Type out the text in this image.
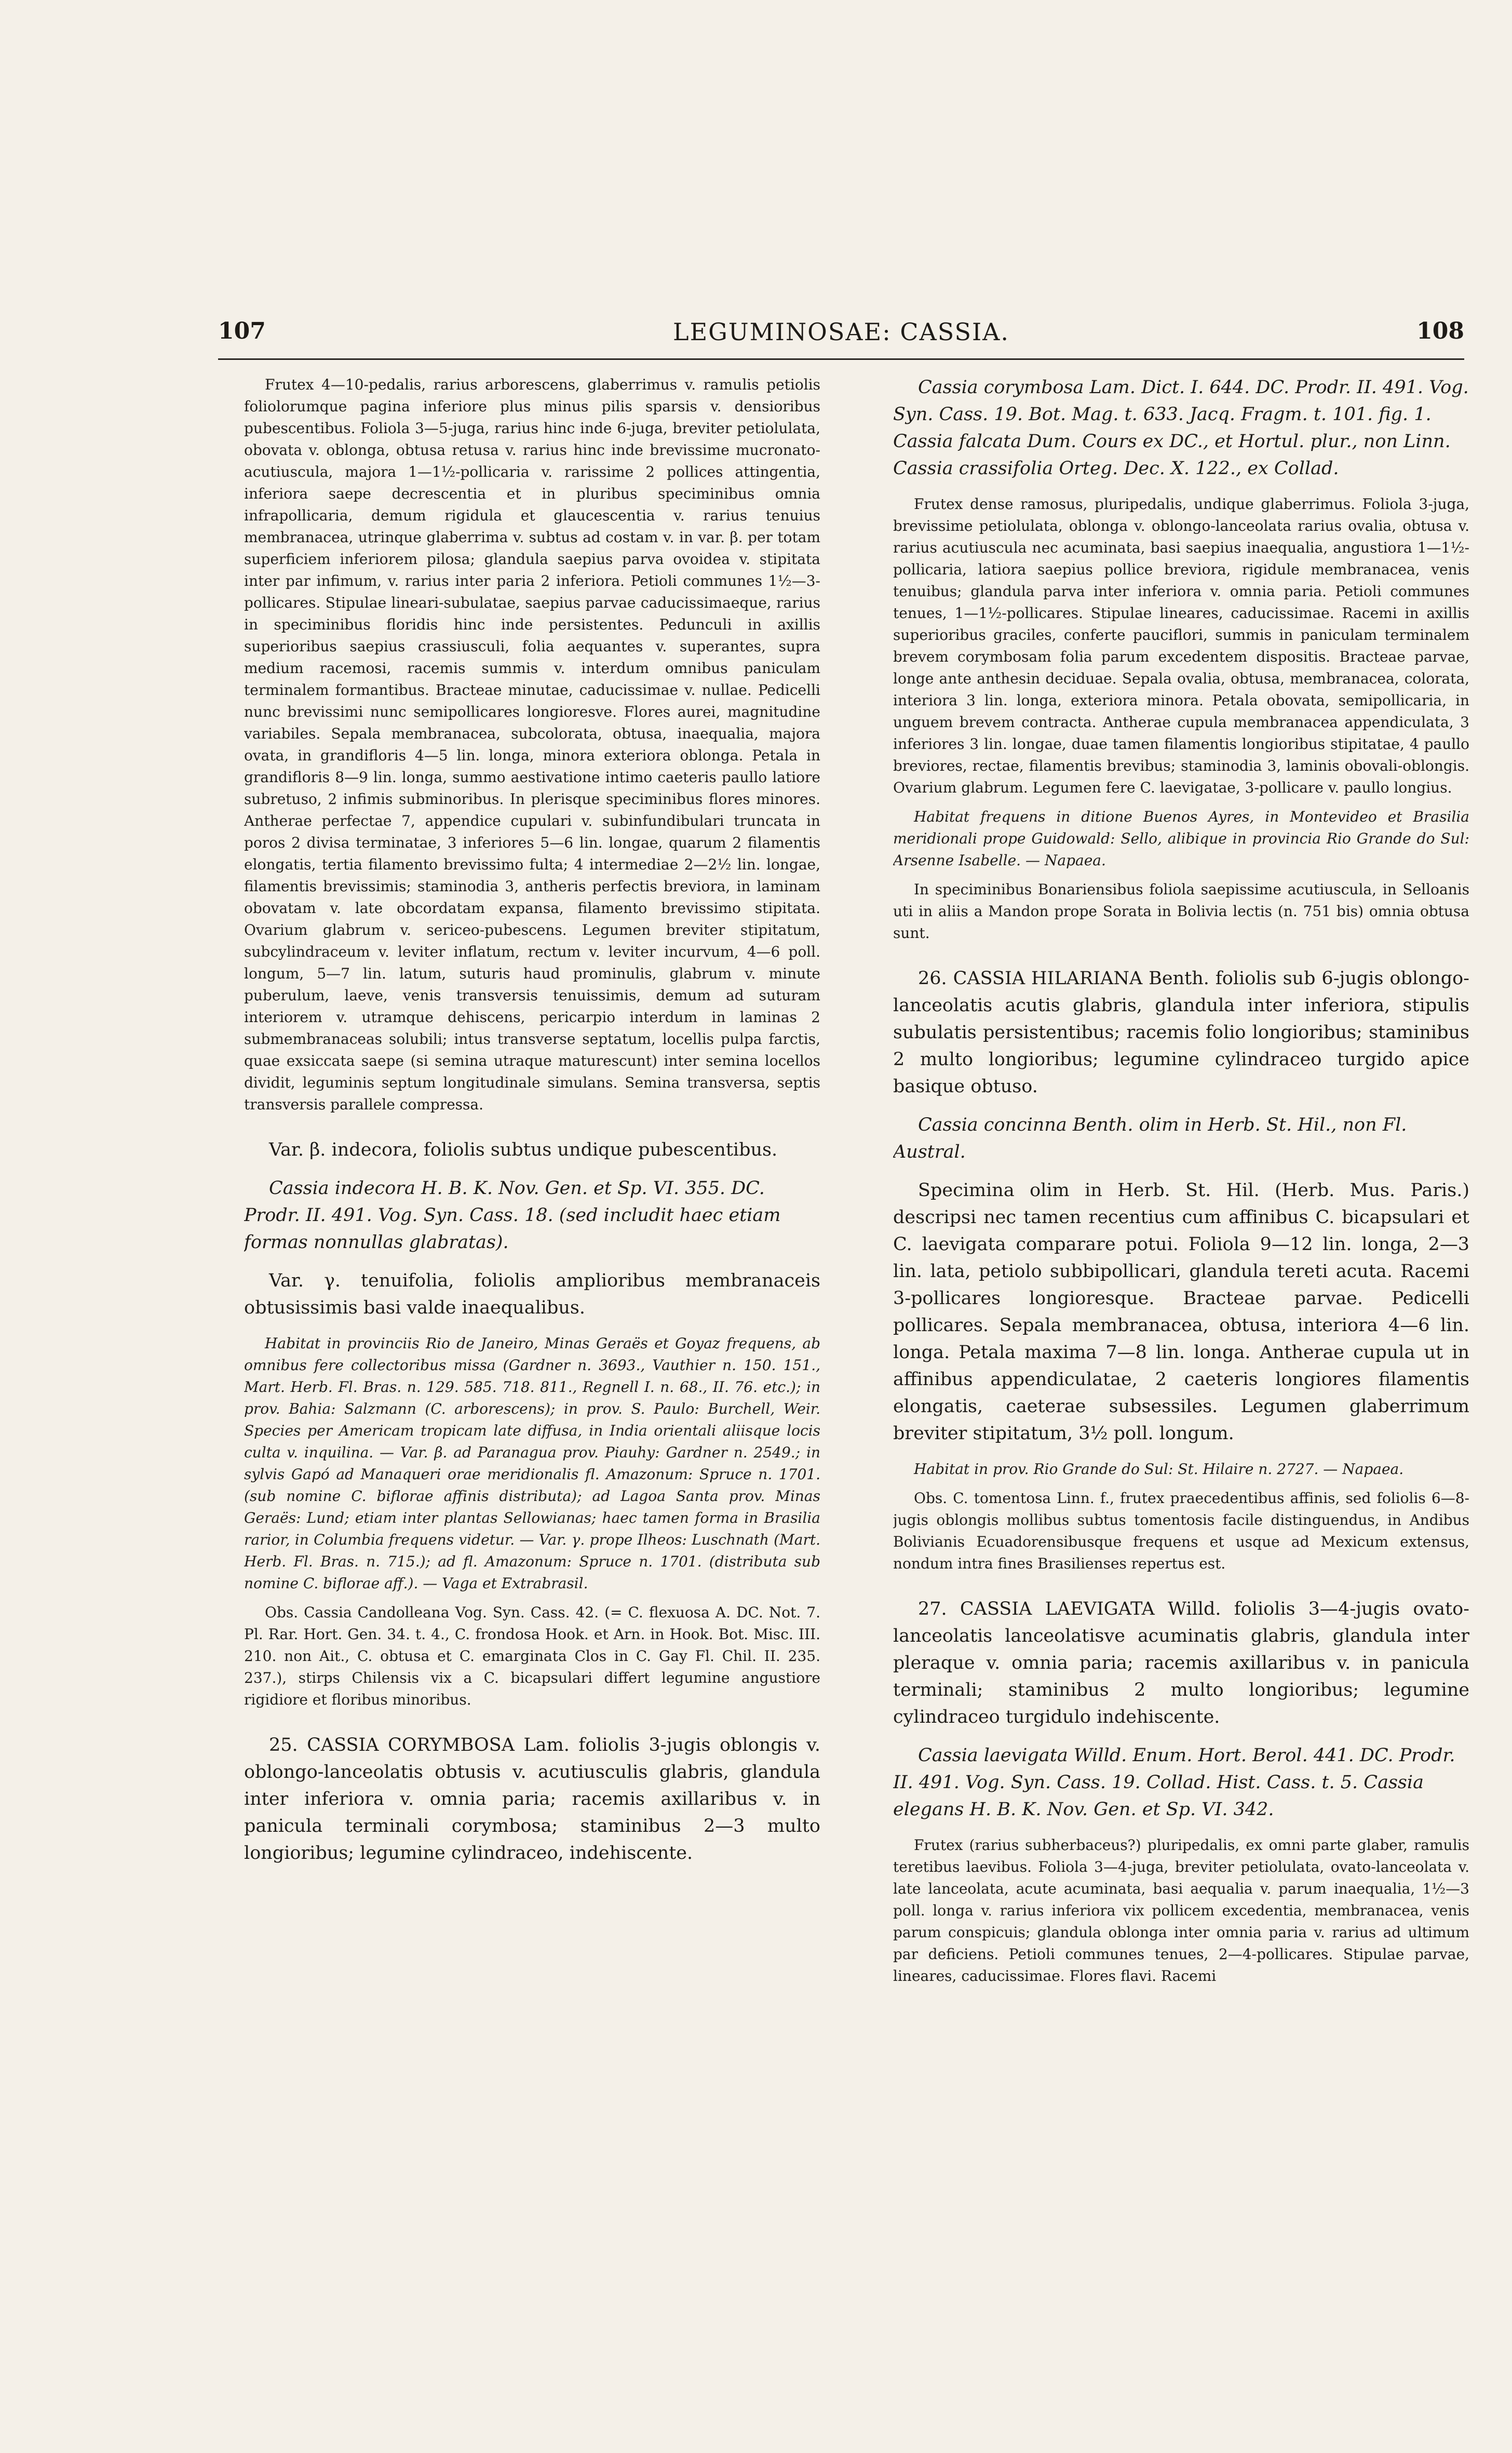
107	LEGUMINOSAE: CASSIA.	108

Frutex 4—10-pedalis, rarius arborescens, glaberrimus v. ramulis petiolis foliolorumque pagina inferiore plus minus pilis sparsis v. densioribus pubescentibus. Foliola 3—5-juga, rarius hinc inde 6-juga, breviter petiolulata, obovata v. oblonga, obtusa retusa v. rarius hinc inde brevissime mucronato-acutiuscula, majora 1—1½-pollicaria v. rarissime 2 pollices attingentia, inferiora saepe decrescentia et in pluribus speciminibus omnia infrapollicaria, demum rigidula et glaucescentia v. rarius tenuius membranacea, utrinque glaberrima v. subtus ad costam v. in var. β. per totam superficiem inferiorem pilosa; glandula saepius parva ovoidea v. stipitata inter par infimum, v. rarius inter paria 2 inferiora. Petioli communes 1½—3-pollicares. Stipulae lineari-subulatae, saepius parvae caducissimaeque, rarius in speciminibus floridis hinc inde persistentes. Pedunculi in axillis superioribus saepius crassiusculi, folia aequantes v. superantes, supra medium racemosi, racemis summis v. interdum omnibus paniculam terminalem formantibus. Bracteae minutae, caducissimae v. nullae. Pedicelli nunc brevissimi nunc semipollicares longioresve. Flores aurei, magnitudine variabiles. Sepala membranacea, subcolorata, obtusa, inaequalia, majora ovata, in grandifloris 4—5 lin. longa, minora exteriora oblonga. Petala in grandifloris 8—9 lin. longa, summo aestivatione intimo caeteris paullo latiore subretuso, 2 infimis subminoribus. In plerisque speciminibus flores minores. Antherae perfectae 7, appendice cupulari v. subinfundibulari truncata in poros 2 divisa terminatae, 3 inferiores 5—6 lin. longae, quarum 2 filamentis elongatis, tertia filamento brevissimo fulta; 4 intermediae 2—2½ lin. longae, filamentis brevissimis; staminodia 3, antheris perfectis breviora, in laminam obovatam v. late obcordatam expansa, filamento brevissimo stipitata. Ovarium glabrum v. sericeo-pubescens. Legumen breviter stipitatum, subcylindraceum v. leviter inflatum, rectum v. leviter incurvum, 4—6 poll. longum, 5—7 lin. latum, suturis haud prominulis, glabrum v. minute puberulum, laeve, venis transversis tenuissimis, demum ad suturam interiorem v. utramque dehiscens, pericarpio interdum in laminas 2 submembranaceas solubili; intus transverse septatum, locellis pulpa farctis, quae exsiccata saepe (si semina utraque maturescunt) inter semina locellos dividit, leguminis septum longitudinale simulans. Semina transversa, septis transversis parallele compressa.

Var. β. indecora, foliolis subtus undique pubescentibus.

Cassia indecora H. B. K. Nov. Gen. et Sp. VI. 355. DC. Prodr. II. 491. Vog. Syn. Cass. 18. (sed includit haec etiam formas nonnullas glabratas).

Var. γ. tenuifolia, foliolis amplioribus membranaceis obtusissimis basi valde inaequalibus.

Habitat in provinciis Rio de Janeiro, Minas Geraës et Goyaz frequens, ab omnibus fere collectoribus missa (Gardner n. 3693., Vauthier n. 150. 151., Mart. Herb. Fl. Bras. n. 129. 585. 718. 811., Regnell I. n. 68., II. 76. etc.); in prov. Bahia: Salzmann (C. arborescens); in prov. S. Paulo: Burchell, Weir. Species per Americam tropicam late diffusa, in India orientali aliisque locis culta v. inquilina. — Var. β. ad Paranagua prov. Piauhy: Gardner n. 2549.; in sylvis Gapó ad Manaqueri orae meridionalis fl. Amazonum: Spruce n. 1701. (sub nomine C. biflorae affinis distributa); ad Lagoa Santa prov. Minas Geraës: Lund; etiam inter plantas Sellowianas; haec tamen forma in Brasilia rarior, in Columbia frequens videtur. — Var. γ. prope Ilheos: Luschnath (Mart. Herb. Fl. Bras. n. 715.); ad fl. Amazonum: Spruce n. 1701. (distributa sub nomine C. biflorae aff.). — Vaga et Extrabrasil.

Obs. Cassia Candolleana Vog. Syn. Cass. 42. (= C. flexuosa A. DC. Not. 7. Pl. Rar. Hort. Gen. 34. t. 4., C. frondosa Hook. et Arn. in Hook. Bot. Misc. III. 210. non Ait., C. obtusa et C. emarginata Clos in C. Gay Fl. Chil. II. 235. 237.), stirps Chilensis vix a C. bicapsulari differt legumine angustiore rigidiore et floribus minoribus.

25. CASSIA CORYMBOSA Lam. foliolis 3-jugis oblongis v. oblongo-lanceolatis obtusis v. acutiusculis glabris, glandula inter inferiora v. omnia paria; racemis axillaribus v. in panicula terminali corymbosa; staminibus 2—3 multo longioribus; legumine cylindraceo, indehiscente.

Cassia corymbosa Lam. Dict. I. 644. DC. Prodr. II. 491. Vog. Syn. Cass. 19. Bot. Mag. t. 633. Jacq. Fragm. t. 101. fig. 1. Cassia falcata Dum. Cours ex DC., et Hortul. plur., non Linn. Cassia crassifolia Orteg. Dec. X. 122., ex Collad.

Frutex dense ramosus, pluripedalis, undique glaberrimus. Foliola 3-juga, brevissime petiolulata, oblonga v. oblongo-lanceolata rarius ovalia, obtusa v. rarius acutiuscula nec acuminata, basi saepius inaequalia, angustiora 1—1½-pollicaria, latiora saepius pollice breviora, rigidule membranacea, venis tenuibus; glandula parva inter inferiora v. omnia paria. Petioli communes tenues, 1—1½-pollicares. Stipulae lineares, caducissimae. Racemi in axillis superioribus graciles, conferte pauciflori, summis in paniculam terminalem brevem corymbosam folia parum excedentem dispositis. Bracteae parvae, longe ante anthesin deciduae. Sepala ovalia, obtusa, membranacea, colorata, interiora 3 lin. longa, exteriora minora. Petala obovata, semipollicaria, in unguem brevem contracta. Antherae cupula membranacea appendiculata, 3 inferiores 3 lin. longae, duae tamen filamentis longioribus stipitatae, 4 paullo breviores, rectae, filamentis brevibus; staminodia 3, laminis obovali-oblongis. Ovarium glabrum. Legumen fere C. laevigatae, 3-pollicare v. paullo longius.

Habitat frequens in ditione Buenos Ayres, in Montevideo et Brasilia meridionali prope Guidowald: Sello, alibique in provincia Rio Grande do Sul: Arsenne Isabelle. — Napaea.

In speciminibus Bonariensibus foliola saepissime acutiuscula, in Selloanis uti in aliis a Mandon prope Sorata in Bolivia lectis (n. 751 bis) omnia obtusa sunt.

26. CASSIA HILARIANA Benth. foliolis sub 6-jugis oblongo-lanceolatis acutis glabris, glandula inter inferiora, stipulis subulatis persistentibus; racemis folio longioribus; staminibus 2 multo longioribus; legumine cylindraceo turgido apice basique obtuso.

Cassia concinna Benth. olim in Herb. St. Hil., non Fl. Austral.

Specimina olim in Herb. St. Hil. (Herb. Mus. Paris.) descripsi nec tamen recentius cum affinibus C. bicapsulari et C. laevigata comparare potui. Foliola 9—12 lin. longa, 2—3 lin. lata, petiolo subbipollicari, glandula tereti acuta. Racemi 3-pollicares longioresque. Bracteae parvae. Pedicelli pollicares. Sepala membranacea, obtusa, interiora 4—6 lin. longa. Petala maxima 7—8 lin. longa. Antherae cupula ut in affinibus appendiculatae, 2 caeteris longiores filamentis elongatis, caeterae subsessiles. Legumen glaberrimum breviter stipitatum, 3½ poll. longum.

Habitat in prov. Rio Grande do Sul: St. Hilaire n. 2727. — Napaea.

Obs. C. tomentosa Linn. f., frutex praecedentibus affinis, sed foliolis 6—8-jugis oblongis mollibus subtus tomentosis facile distinguendus, in Andibus Bolivianis Ecuadorensibusque frequens et usque ad Mexicum extensus, nondum intra fines Brasilienses repertus est.

27. CASSIA LAEVIGATA Willd. foliolis 3—4-jugis ovato-lanceolatis lanceolatisve acuminatis glabris, glandula inter pleraque v. omnia paria; racemis axillaribus v. in panicula terminali; staminibus 2 multo longioribus; legumine cylindraceo turgidulo indehiscente.

Cassia laevigata Willd. Enum. Hort. Berol. 441. DC. Prodr. II. 491. Vog. Syn. Cass. 19. Collad. Hist. Cass. t. 5. Cassia elegans H. B. K. Nov. Gen. et Sp. VI. 342.

Frutex (rarius subherbaceus?) pluripedalis, ex omni parte glaber, ramulis teretibus laevibus. Foliola 3—4-juga, breviter petiolulata, ovato-lanceolata v. late lanceolata, acute acuminata, basi aequalia v. parum inaequalia, 1½—3 poll. longa v. rarius inferiora vix pollicem excedentia, membranacea, venis parum conspicuis; glandula oblonga inter omnia paria v. rarius ad ultimum par deficiens. Petioli communes tenues, 2—4-pollicares. Stipulae parvae, lineares, caducissimae. Flores flavi. Racemi
